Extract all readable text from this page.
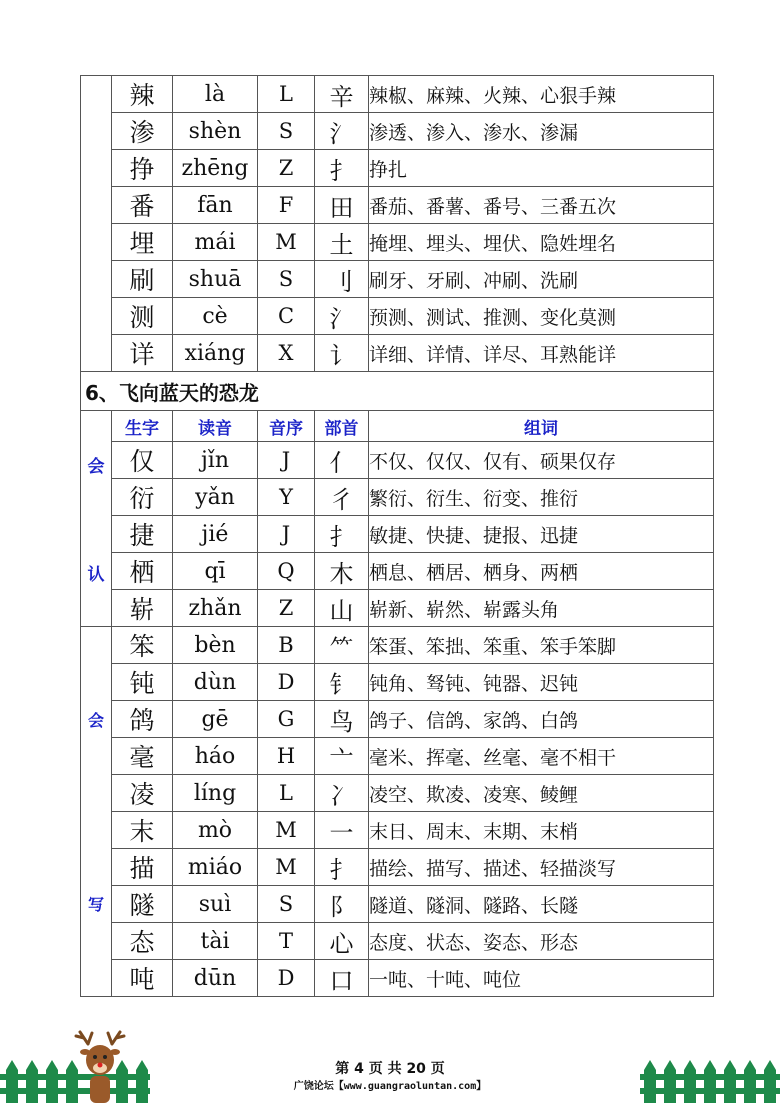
	辣	là	L	辛	辣椒、麻辣、火辣、心狠手辣
	渗	shèn	S	氵	渗透、渗入、渗水、渗漏
	挣	zhēng	Z	扌	挣扎
	番	fān	F	田	番茄、番薯、番号、三番五次
	埋	mái	M	土	掩埋、埋头、埋伏、隐姓埋名
	刷	shuā	S	刂	刷牙、牙刷、冲刷、洗刷
	测	cè	C	氵	预测、测试、推测、变化莫测
	详	xiáng	X	讠	详细、详情、详尽、耳熟能详
6、飞向蓝天的恐龙					

会
认	生字	读音	音序	部首	组词
	仅	jǐn	J	亻	不仅、仅仅、仅有、硕果仅存
	衍	yǎn	Y	彳	繁衍、衍生、衍变、推衍
	捷	jié	J	扌	敏捷、快捷、捷报、迅捷
	栖	qī	Q	木	栖息、栖居、栖身、两栖
	崭	zhǎn	Z	山	崭新、崭然、崭露头角

会
写	笨	bèn	B	⺮	笨蛋、笨拙、笨重、笨手笨脚
	钝	dùn	D	钅	钝角、驽钝、钝器、迟钝
	鸽	gē	G	鸟	鸽子、信鸽、家鸽、白鸽
	毫	háo	H	亠	毫米、挥毫、丝毫、毫不相干
	凌	líng	L	冫	凌空、欺凌、凌寒、鲮鲤
	末	mò	M	一	末日、周末、末期、末梢
	描	miáo	M	扌	描绘、描写、描述、轻描淡写
	隧	suì	S	阝	隧道、隧洞、隧路、长隧
	态	tài	T	心	态度、状态、姿态、形态
	吨	dūn	D	口	一吨、十吨、吨位
第 4 页 共 20 页
广饶论坛【www.guangraoluntan.com】
